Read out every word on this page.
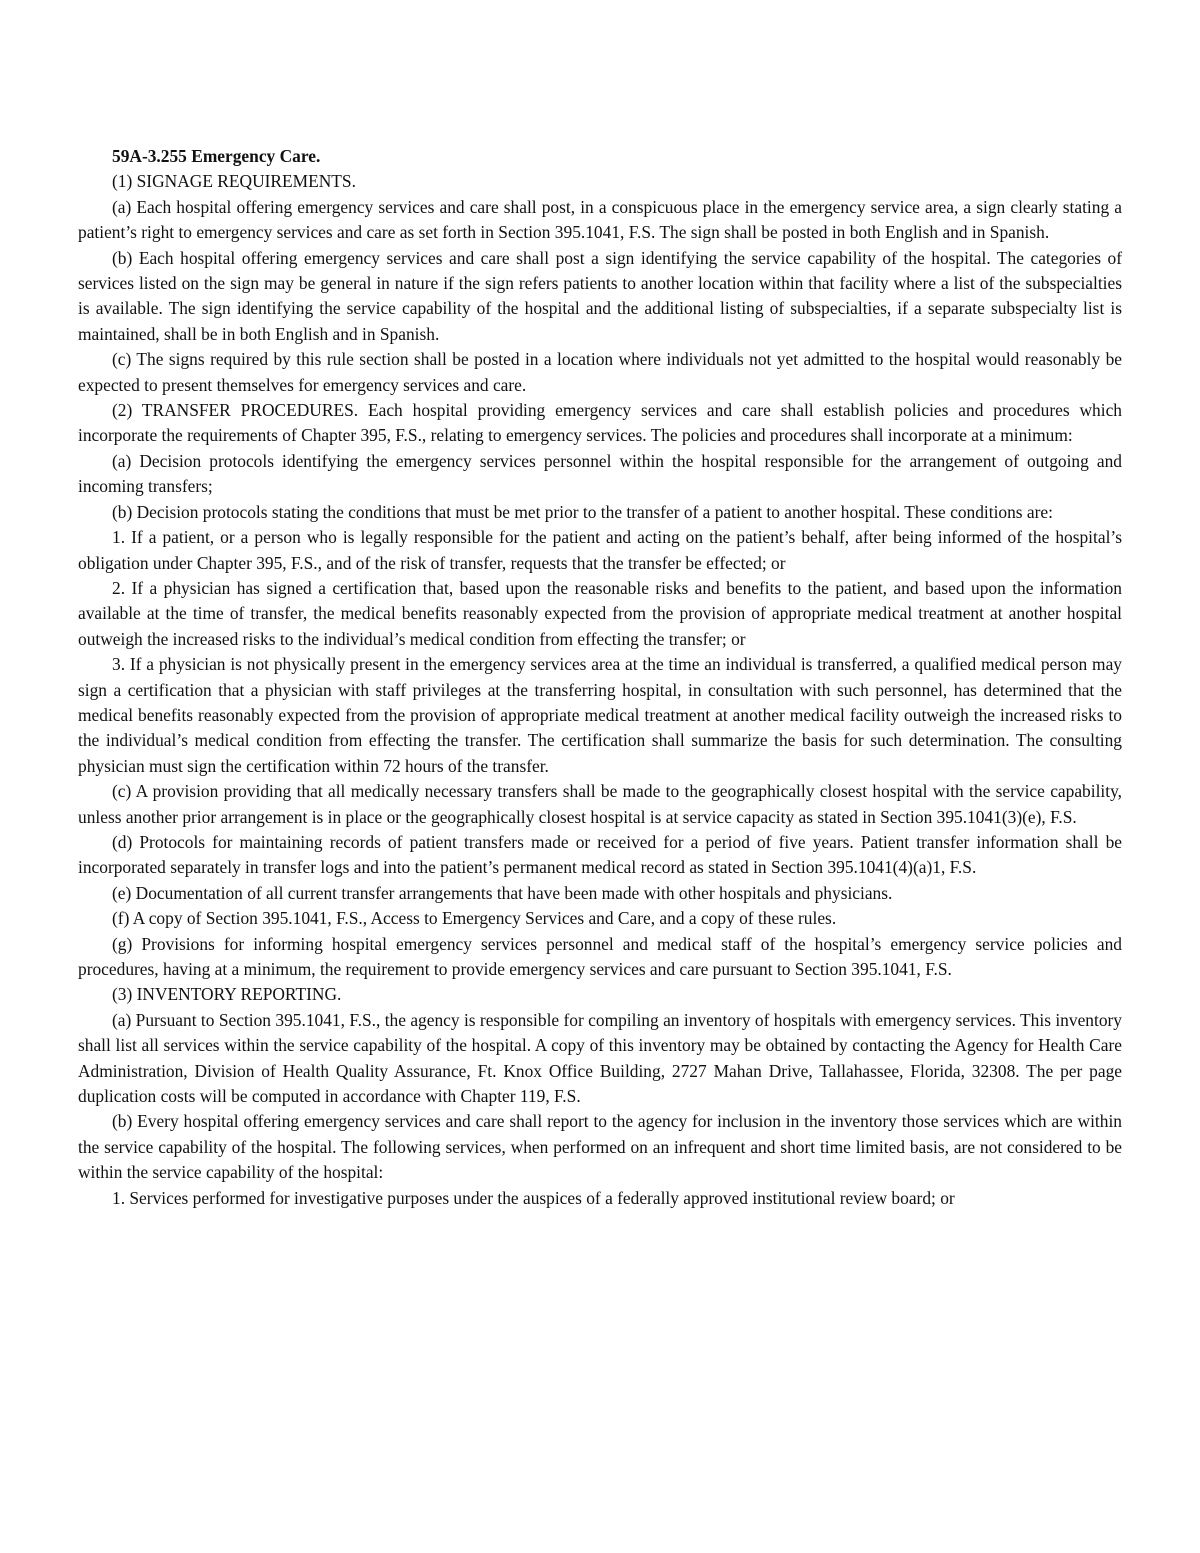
59A-3.255 Emergency Care.

(1) SIGNAGE REQUIREMENTS.

(a) Each hospital offering emergency services and care shall post, in a conspicuous place in the emergency service area, a sign clearly stating a patient’s right to emergency services and care as set forth in Section 395.1041, F.S. The sign shall be posted in both English and in Spanish.

(b) Each hospital offering emergency services and care shall post a sign identifying the service capability of the hospital. The categories of services listed on the sign may be general in nature if the sign refers patients to another location within that facility where a list of the subspecialties is available. The sign identifying the service capability of the hospital and the additional listing of subspecialties, if a separate subspecialty list is maintained, shall be in both English and in Spanish.

(c) The signs required by this rule section shall be posted in a location where individuals not yet admitted to the hospital would reasonably be expected to present themselves for emergency services and care.

(2) TRANSFER PROCEDURES. Each hospital providing emergency services and care shall establish policies and procedures which incorporate the requirements of Chapter 395, F.S., relating to emergency services. The policies and procedures shall incorporate at a minimum:

(a) Decision protocols identifying the emergency services personnel within the hospital responsible for the arrangement of outgoing and incoming transfers;

(b) Decision protocols stating the conditions that must be met prior to the transfer of a patient to another hospital. These conditions are:

1. If a patient, or a person who is legally responsible for the patient and acting on the patient’s behalf, after being informed of the hospital’s obligation under Chapter 395, F.S., and of the risk of transfer, requests that the transfer be effected; or

2. If a physician has signed a certification that, based upon the reasonable risks and benefits to the patient, and based upon the information available at the time of transfer, the medical benefits reasonably expected from the provision of appropriate medical treatment at another hospital outweigh the increased risks to the individual’s medical condition from effecting the transfer; or

3. If a physician is not physically present in the emergency services area at the time an individual is transferred, a qualified medical person may sign a certification that a physician with staff privileges at the transferring hospital, in consultation with such personnel, has determined that the medical benefits reasonably expected from the provision of appropriate medical treatment at another medical facility outweigh the increased risks to the individual’s medical condition from effecting the transfer. The certification shall summarize the basis for such determination. The consulting physician must sign the certification within 72 hours of the transfer.

(c) A provision providing that all medically necessary transfers shall be made to the geographically closest hospital with the service capability, unless another prior arrangement is in place or the geographically closest hospital is at service capacity as stated in Section 395.1041(3)(e), F.S.

(d) Protocols for maintaining records of patient transfers made or received for a period of five years. Patient transfer information shall be incorporated separately in transfer logs and into the patient’s permanent medical record as stated in Section 395.1041(4)(a)1, F.S.

(e) Documentation of all current transfer arrangements that have been made with other hospitals and physicians.

(f) A copy of Section 395.1041, F.S., Access to Emergency Services and Care, and a copy of these rules.

(g) Provisions for informing hospital emergency services personnel and medical staff of the hospital’s emergency service policies and procedures, having at a minimum, the requirement to provide emergency services and care pursuant to Section 395.1041, F.S.

(3) INVENTORY REPORTING.

(a) Pursuant to Section 395.1041, F.S., the agency is responsible for compiling an inventory of hospitals with emergency services. This inventory shall list all services within the service capability of the hospital. A copy of this inventory may be obtained by contacting the Agency for Health Care Administration, Division of Health Quality Assurance, Ft. Knox Office Building, 2727 Mahan Drive, Tallahassee, Florida, 32308. The per page duplication costs will be computed in accordance with Chapter 119, F.S.

(b) Every hospital offering emergency services and care shall report to the agency for inclusion in the inventory those services which are within the service capability of the hospital. The following services, when performed on an infrequent and short time limited basis, are not considered to be within the service capability of the hospital:

1. Services performed for investigative purposes under the auspices of a federally approved institutional review board; or
